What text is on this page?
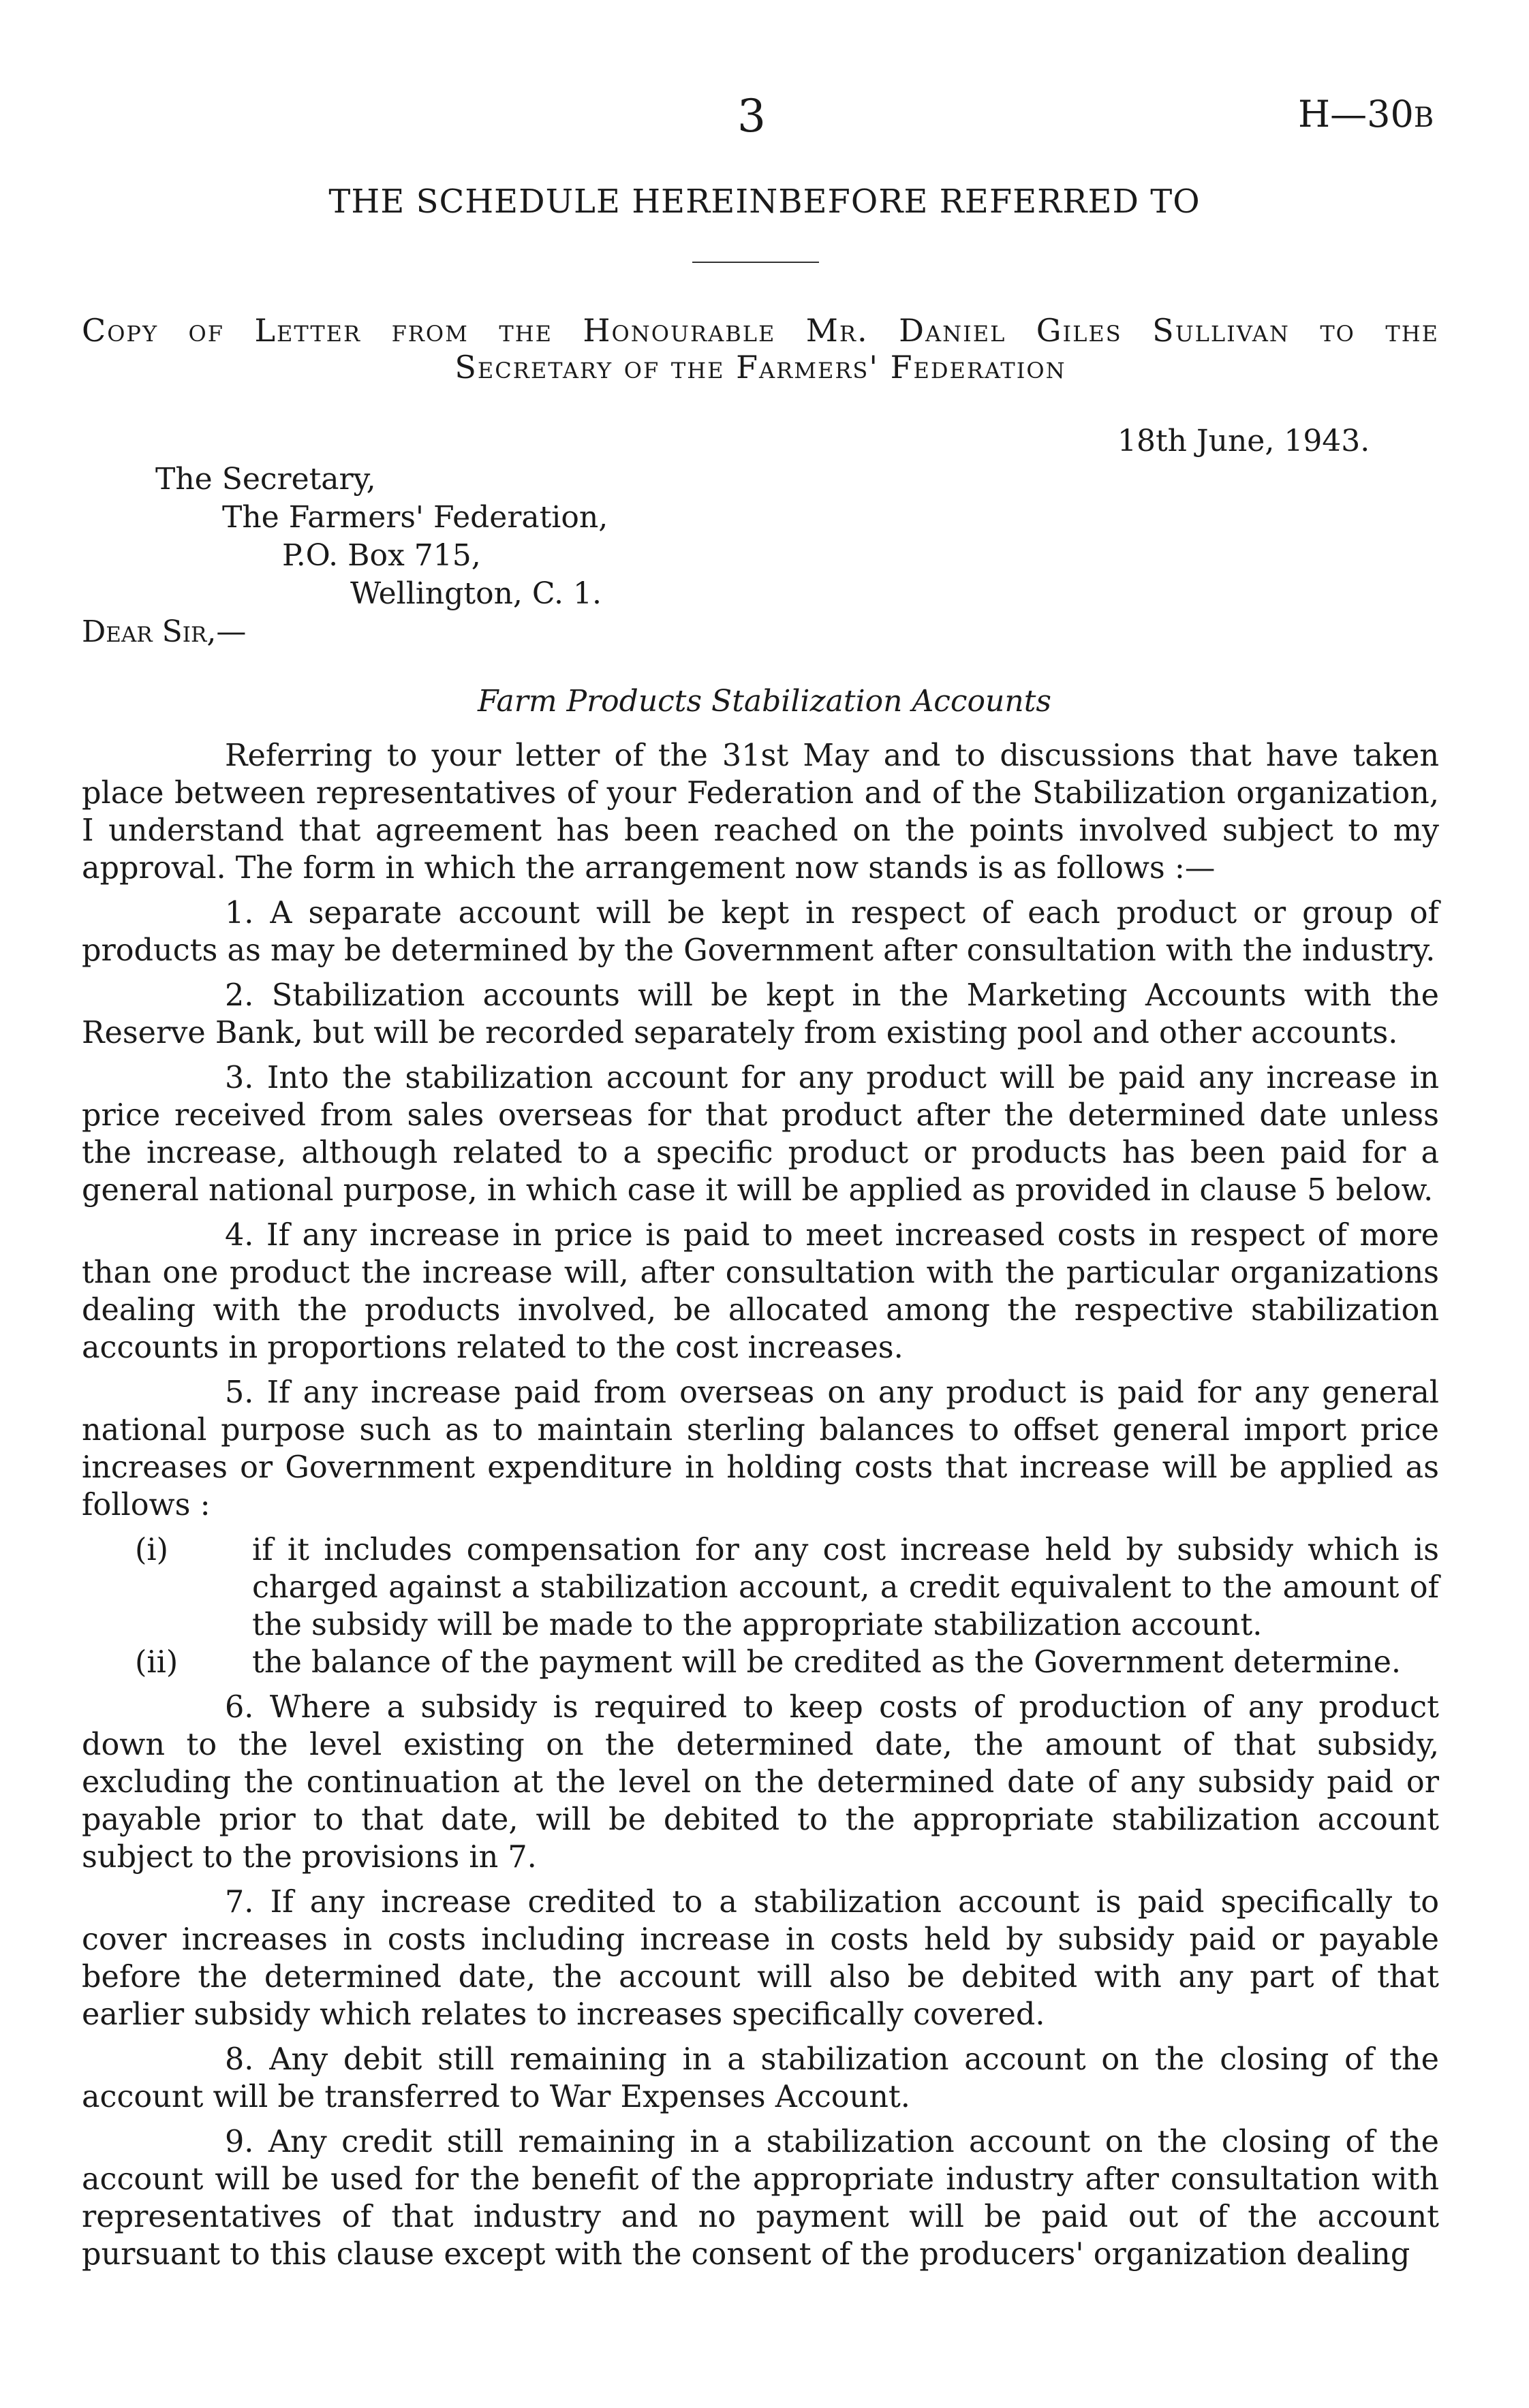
3	H—30B
THE SCHEDULE HEREINBEFORE REFERRED TO
Copy of Letter from the Honourable Mr. Daniel Giles Sullivan to the
Secretary of the Farmers' Federation
18th June, 1943.
The Secretary,
The Farmers' Federation,
P.O. Box 715,
Wellington, C. 1.
Dear Sir,—
Farm Products Stabilization Accounts

Referring to your letter of the 31st May and to discussions that have taken place between representatives of your Federation and of the Stabilization organization, I understand that agreement has been reached on the points involved subject to my approval. The form in which the arrangement now stands is as follows :—

1. A separate account will be kept in respect of each product or group of products as may be determined by the Government after consultation with the industry.

2. Stabilization accounts will be kept in the Marketing Accounts with the Reserve Bank, but will be recorded separately from existing pool and other accounts.

3. Into the stabilization account for any product will be paid any increase in price received from sales overseas for that product after the determined date unless the increase, although related to a specific product or products has been paid for a general national purpose, in which case it will be applied as provided in clause 5 below.

4. If any increase in price is paid to meet increased costs in respect of more than one product the increase will, after consultation with the particular organizations dealing with the products involved, be allocated among the respective stabilization accounts in proportions related to the cost increases.

5. If any increase paid from overseas on any product is paid for any general national purpose such as to maintain sterling balances to offset general import price increases or Government expenditure in holding costs that increase will be applied as follows :

(i)	if it includes compensation for any cost increase held by subsidy which is charged against a stabilization account, a credit equivalent to the amount of the subsidy will be made to the appropriate stabilization account.

(ii) the balance of the payment will be credited as the Government determine.

6. Where a subsidy is required to keep costs of production of any product down to the level existing on the determined date, the amount of that subsidy, excluding the continuation at the level on the determined date of any subsidy paid or payable prior to that date, will be debited to the appropriate stabilization account subject to the provisions in 7.

7. If any increase credited to a stabilization account is paid specifically to cover increases in costs including increase in costs held by subsidy paid or payable before the determined date, the account will also be debited with any part of that earlier subsidy which relates to increases specifically covered.

8. Any debit still remaining in a stabilization account on the closing of the account will be transferred to War Expenses Account.

9. Any credit still remaining in a stabilization account on the closing of the account will be used for the benefit of the appropriate industry after consultation with representatives of that industry and no payment will be paid out of the account pursuant to this clause except with the consent of the producers' organization dealing
